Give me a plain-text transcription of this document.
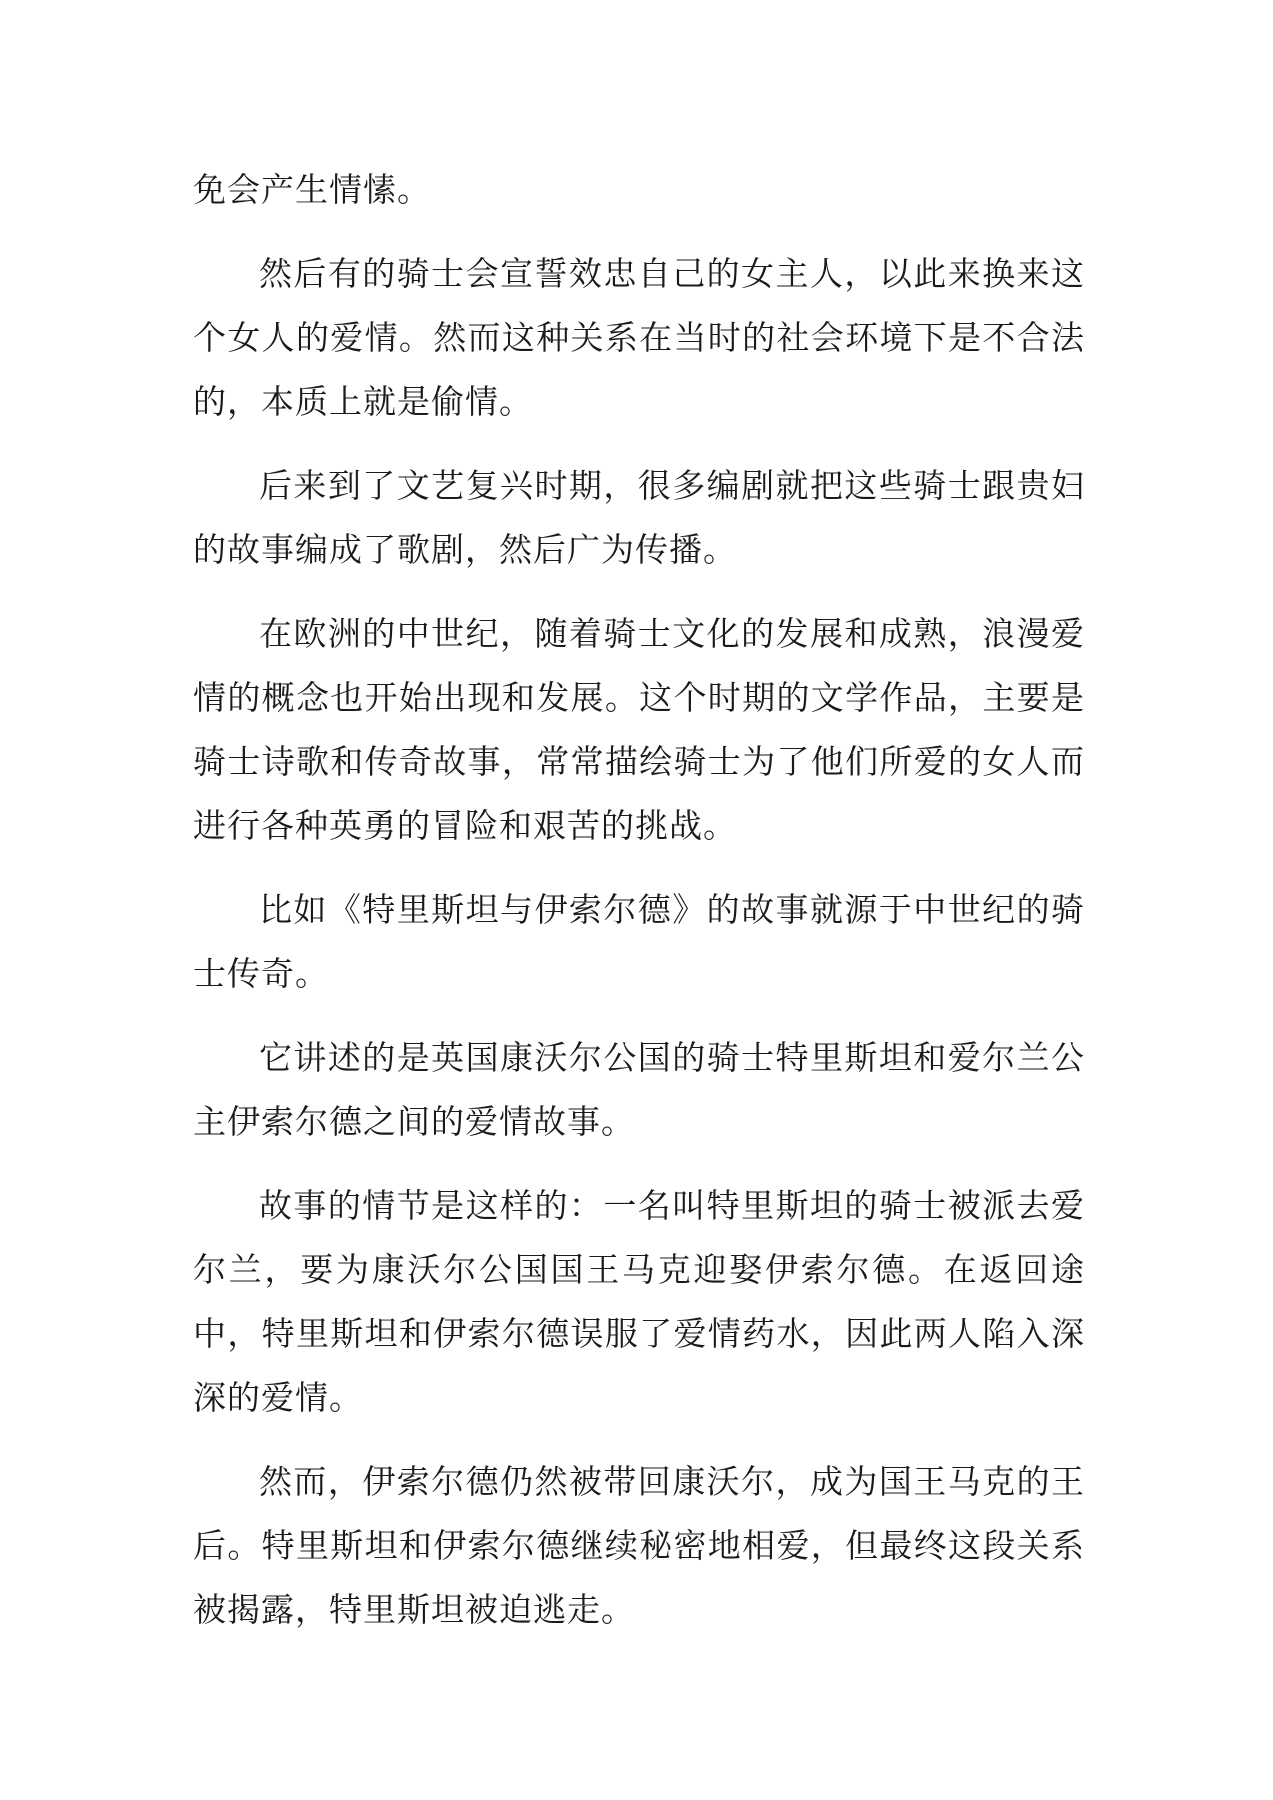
免会产生情愫。

然后有的骑士会宣誓效忠自己的女主人，以此来换来这个女人的爱情。然而这种关系在当时的社会环境下是不合法的，本质上就是偷情。

后来到了文艺复兴时期，很多编剧就把这些骑士跟贵妇的故事编成了歌剧，然后广为传播。

在欧洲的中世纪，随着骑士文化的发展和成熟，浪漫爱情的概念也开始出现和发展。这个时期的文学作品，主要是骑士诗歌和传奇故事，常常描绘骑士为了他们所爱的女人而进行各种英勇的冒险和艰苦的挑战。

比如《特里斯坦与伊索尔德》的故事就源于中世纪的骑士传奇。

它讲述的是英国康沃尔公国的骑士特里斯坦和爱尔兰公主伊索尔德之间的爱情故事。

故事的情节是这样的：一名叫特里斯坦的骑士被派去爱尔兰，要为康沃尔公国国王马克迎娶伊索尔德。在返回途中，特里斯坦和伊索尔德误服了爱情药水，因此两人陷入深深的爱情。

然而，伊索尔德仍然被带回康沃尔，成为国王马克的王后。特里斯坦和伊索尔德继续秘密地相爱，但最终这段关系被揭露，特里斯坦被迫逃走。
